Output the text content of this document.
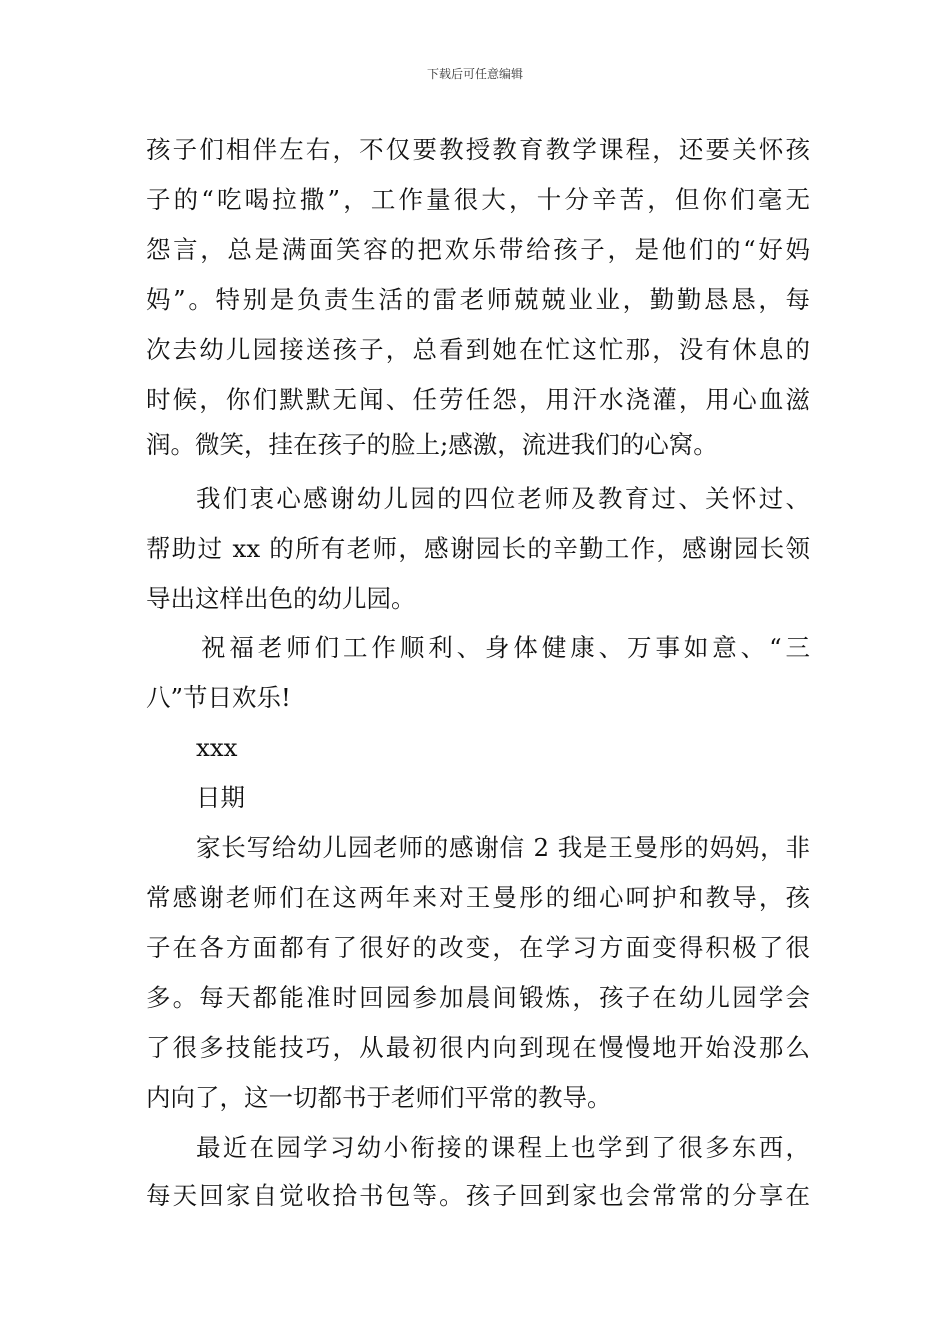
下载后可任意编辑
孩子们相伴左右，不仅要教授教育教学课程，还要关怀孩
子的“吃喝拉撒”，工作量很大，十分辛苦，但你们毫无
怨言，总是满面笑容的把欢乐带给孩子，是他们的“好妈
妈”。特别是负责生活的雷老师兢兢业业，勤勤恳恳，每
次去幼儿园接送孩子，总看到她在忙这忙那，没有休息的
时候，你们默默无闻、任劳任怨，用汗水浇灌，用心血滋
润。微笑，挂在孩子的脸上;感激，流进我们的心窝。
我们衷心感谢幼儿园的四位老师及教育过、关怀过、
帮助过 xx 的所有老师，感谢园长的辛勤工作，感谢园长领
导出这样出色的幼儿园。
祝福老师们工作顺利、身体健康、万事如意、“三
八”节日欢乐!
xxx
日期
家长写给幼儿园老师的感谢信 2 我是王曼彤的妈妈，非
常感谢老师们在这两年来对王曼彤的细心呵护和教导，孩
子在各方面都有了很好的改变，在学习方面变得积极了很
多。每天都能准时回园参加晨间锻炼，孩子在幼儿园学会
了很多技能技巧，从最初很内向到现在慢慢地开始没那么
内向了，这一切都书于老师们平常的教导。
最近在园学习幼小衔接的课程上也学到了很多东西，
每天回家自觉收拾书包等。孩子回到家也会常常的分享在
